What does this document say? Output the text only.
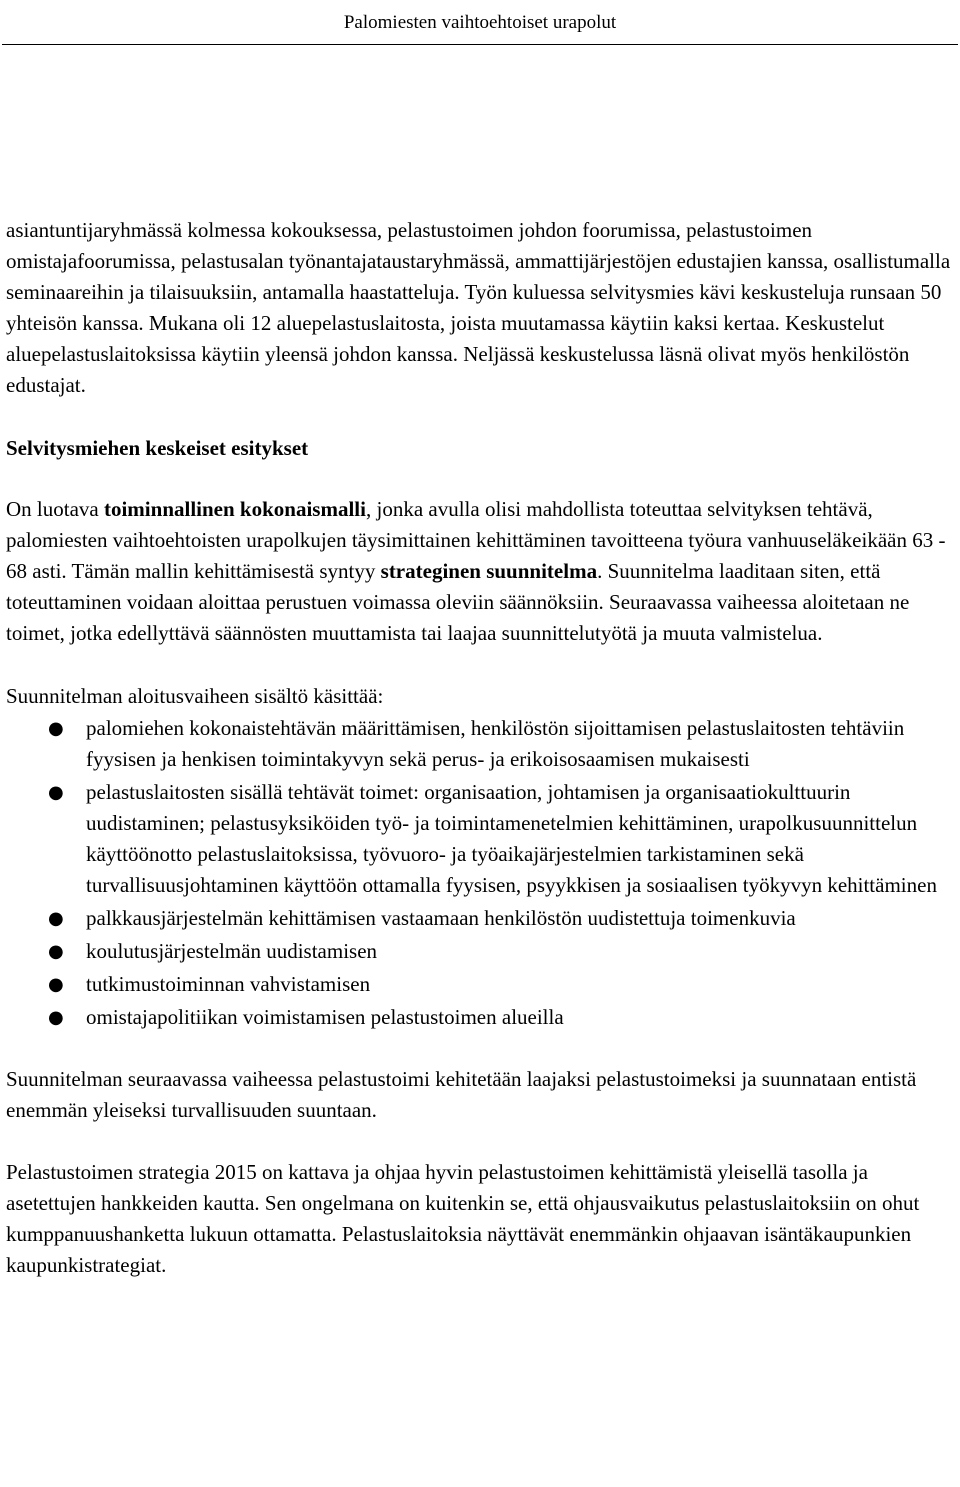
Palomiesten vaihtoehtoiset urapolut

asiantuntijaryhmässä kolmessa kokouksessa, pelastustoimen johdon foorumissa, pelastustoimen omistajafoorumissa, pelastusalan työnantajataustaryhmässä, ammattijärjestöjen edustajien kanssa, osallistumalla seminaareihin ja tilaisuuksiin, antamalla haastatteluja. Työn kuluessa selvitysmies kävi keskusteluja runsaan 50 yhteisön kanssa. Mukana oli 12 aluepelastuslaitosta, joista muutamassa käytiin kaksi kertaa. Keskustelut aluepelastuslaitoksissa käytiin yleensä johdon kanssa. Neljässä keskustelussa läsnä olivat myös henkilöstön edustajat.

Selvitysmiehen keskeiset esitykset

On luotava toiminnallinen kokonaismalli, jonka avulla olisi mahdollista toteuttaa selvityksen tehtävä, palomiesten vaihtoehtoisten urapolkujen täysimittainen kehittäminen tavoitteena työura vanhuuseläkeikään 63 - 68 asti. Tämän mallin kehittämisestä syntyy strateginen suunnitelma. Suunnitelma laaditaan siten, että toteuttaminen voidaan aloittaa perustuen voimassa oleviin säännöksiin. Seuraavassa vaiheessa aloitetaan ne toimet, jotka edellyttävä säännösten muuttamista tai laajaa suunnittelutyötä ja muuta valmistelua.

Suunnitelman aloitusvaiheen sisältö käsittää:

● palomiehen kokonaistehtävän määrittämisen, henkilöstön sijoittamisen pelastuslaitosten tehtäviin fyysisen ja henkisen toimintakyvyn sekä perus- ja erikoisosaamisen mukaisesti
● pelastuslaitosten sisällä tehtävät toimet: organisaation, johtamisen ja organisaatiokulttuurin uudistaminen; pelastusyksiköiden työ- ja toimintamenetelmien kehittäminen, urapolkusuunnittelun käyttöönotto pelastuslaitoksissa, työvuoro- ja työaikajärjestelmien tarkistaminen sekä turvallisuusjohtaminen käyttöön ottamalla fyysisen, psyykkisen ja sosiaalisen työkyvyn kehittäminen
● palkkausjärjestelmän kehittämisen vastaamaan henkilöstön uudistettuja toimenkuvia
● koulutusjärjestelmän uudistamisen
● tutkimustoiminnan vahvistamisen
● omistajapolitiikan voimistamisen pelastustoimen alueilla

Suunnitelman seuraavassa vaiheessa pelastustoimi kehitetään laajaksi pelastustoimeksi ja suunnataan entistä enemmän yleiseksi turvallisuuden suuntaan.

Pelastustoimen strategia 2015 on kattava ja ohjaa hyvin pelastustoimen kehittämistä yleisellä tasolla ja asetettujen hankkeiden kautta. Sen ongelmana on kuitenkin se, että ohjausvaikutus pelastuslaitoksiin on ohut kumppanuushanketta lukuun ottamatta. Pelastuslaitoksia näyttävät enemmänkin ohjaavan isäntäkaupunkien kaupunkistrategiat.
